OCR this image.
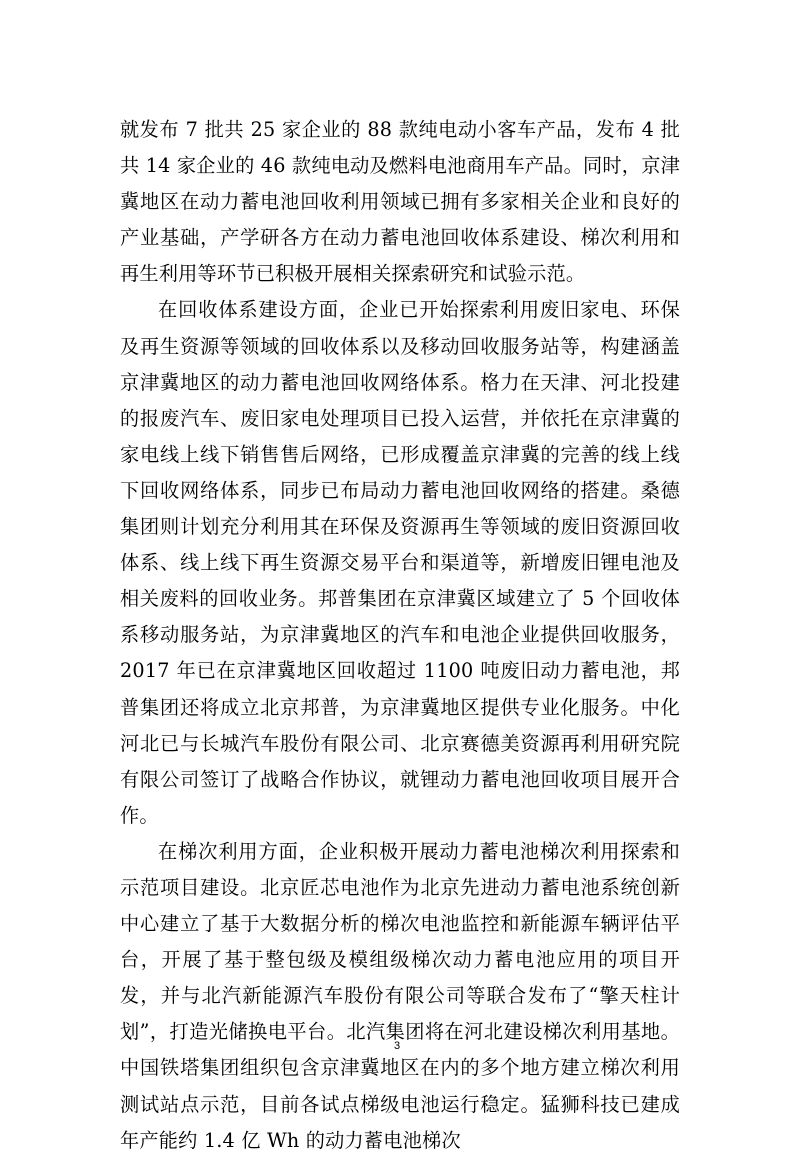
就发布 7 批共 25 家企业的 88 款纯电动小客车产品，发布 4 批共 14 家企业的 46 款纯电动及燃料电池商用车产品。同时，京津冀地区在动力蓄电池回收利用领域已拥有多家相关企业和良好的产业基础，产学研各方在动力蓄电池回收体系建设、梯次利用和再生利用等环节已积极开展相关探索研究和试验示范。

在回收体系建设方面，企业已开始探索利用废旧家电、环保及再生资源等领域的回收体系以及移动回收服务站等，构建涵盖京津冀地区的动力蓄电池回收网络体系。格力在天津、河北投建的报废汽车、废旧家电处理项目已投入运营，并依托在京津冀的家电线上线下销售售后网络，已形成覆盖京津冀的完善的线上线下回收网络体系，同步已布局动力蓄电池回收网络的搭建。桑德集团则计划充分利用其在环保及资源再生等领域的废旧资源回收体系、线上线下再生资源交易平台和渠道等，新增废旧锂电池及相关废料的回收业务。邦普集团在京津冀区域建立了 5 个回收体系移动服务站，为京津冀地区的汽车和电池企业提供回收服务，2017 年已在京津冀地区回收超过 1100 吨废旧动力蓄电池，邦普集团还将成立北京邦普，为京津冀地区提供专业化服务。中化河北已与长城汽车股份有限公司、北京赛德美资源再利用研究院有限公司签订了战略合作协议，就锂动力蓄电池回收项目展开合作。

在梯次利用方面，企业积极开展动力蓄电池梯次利用探索和示范项目建设。北京匠芯电池作为北京先进动力蓄电池系统创新中心建立了基于大数据分析的梯次电池监控和新能源车辆评估平台，开展了基于整包级及模组级梯次动力蓄电池应用的项目开发，并与北汽新能源汽车股份有限公司等联合发布了“擎天柱计划”，打造光储换电平台。北汽集团将在河北建设梯次利用基地。中国铁塔集团组织包含京津冀地区在内的多个地方建立梯次利用测试站点示范，目前各试点梯级电池运行稳定。猛狮科技已建成年产能约 1.4 亿 Wh 的动力蓄电池梯次

3
